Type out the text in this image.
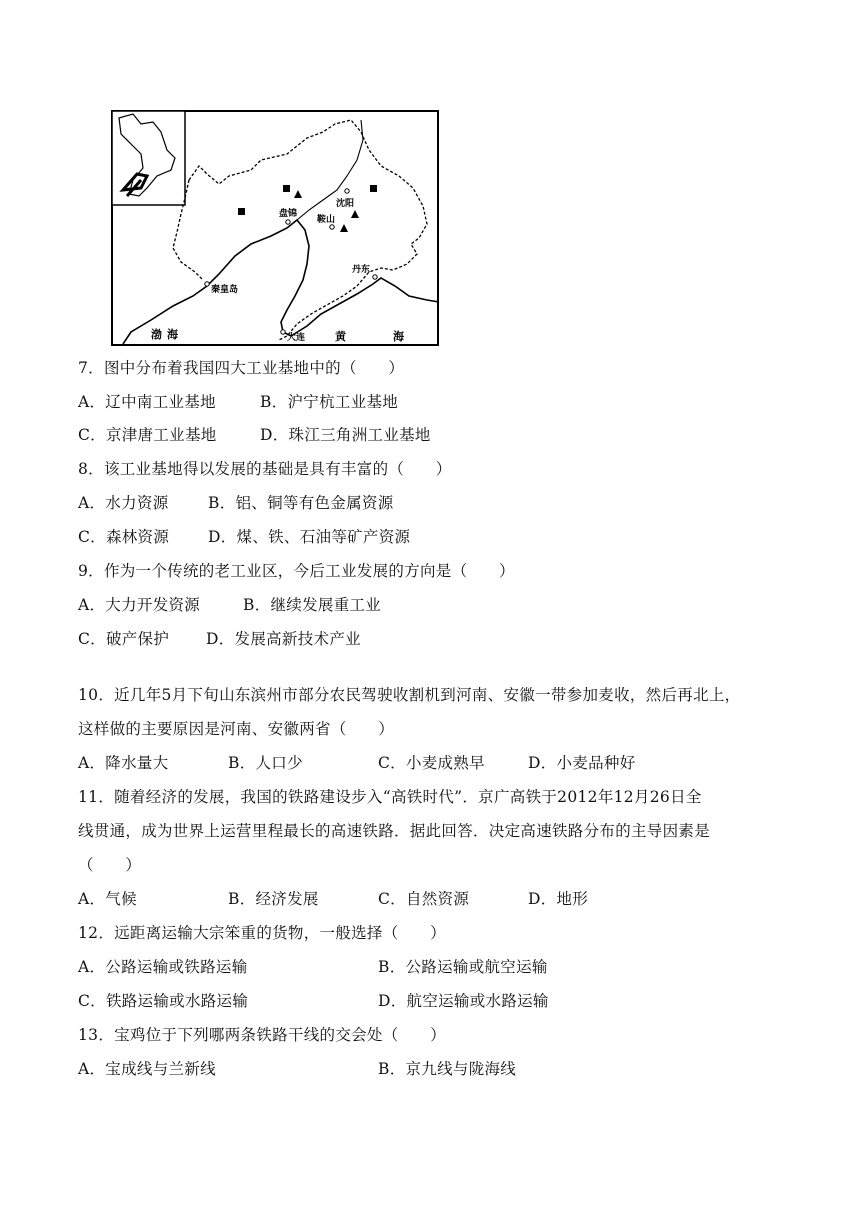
沈阳
鞍山
盘锦
秦皇岛
丹东
大连
渤 海	黄	海
7．图中分布着我国四大工业基地中的（　　）
A．辽中南工业基地	B．沪宁杭工业基地
C．京津唐工业基地	D．珠江三角洲工业基地
8．该工业基地得以发展的基础是具有丰富的（　　）
A．水力资源	B．铝、铜等有色金属资源
C．森林资源	D．煤、铁、石油等矿产资源
9．作为一个传统的老工业区，今后工业发展的方向是（　　）
A．大力开发资源	B．继续发展重工业
C．破产保护 D．发展高新技术产业
10．近几年5月下旬山东滨州市部分农民驾驶收割机到河南、安徽一带参加麦收，然后再北上，
这样做的主要原因是河南、安徽两省（　　）
A．降水量大	B．人口少	C．小麦成熟早	D．小麦品种好
11．随着经济的发展，我国的铁路建设步入“高铁时代”．京广高铁于2012年12月26日全
线贯通，成为世界上运营里程最长的高速铁路．据此回答．决定高速铁路分布的主导因素是
（　　）
A．气候	B．经济发展	C．自然资源	D．地形
12．远距离运输大宗笨重的货物，一般选择（　　）
A．公路运输或铁路运输	B．公路运输或航空运输
C．铁路运输或水路运输	D．航空运输或水路运输
13．宝鸡位于下列哪两条铁路干线的交会处（　　）
A．宝成线与兰新线	B．京九线与陇海线
